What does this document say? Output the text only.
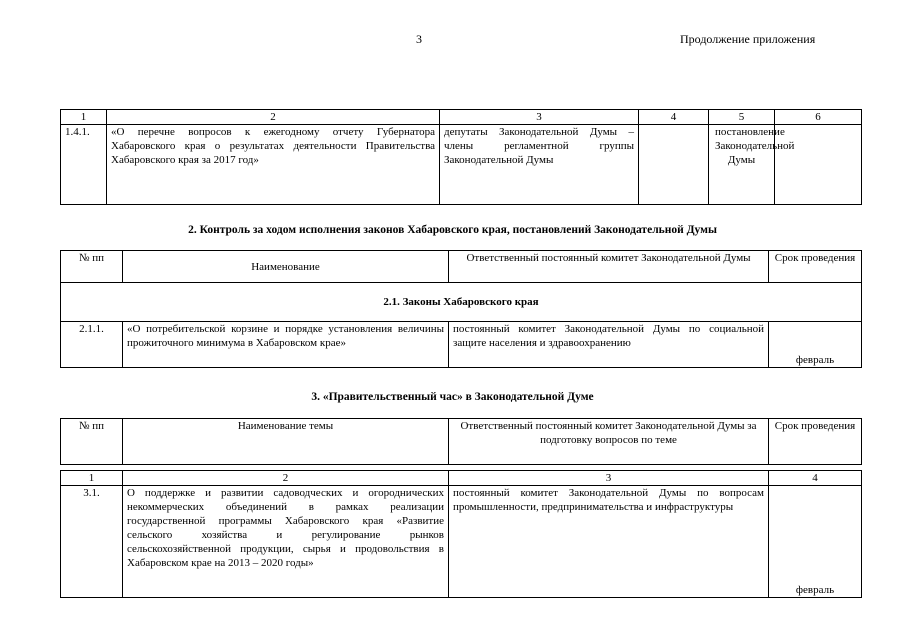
3	Продолжение приложения
1	2	3	4	5	6
1.4.1.	«О перечне вопросов к ежегодному отчету Губернатора Хабаровского края о результатах деятельности Правительства Хабаровского края за 2017 год»	депутаты Законодательной Думы – члены регламентной группы Законодательной Думы		постановление Законодательной Думы	
2. Контроль за ходом исполнения законов Хабаровского края, постановлений Законодательной Думы
№ пп	Наименование	Ответственный постоянный комитет Законодательной Думы	Срок проведения
2.1. Законы Хабаровского края			
2.1.1.	«О потребительской корзине и порядке установления величины прожиточного минимума в Хабаровском крае»	постоянный комитет Законодательной Думы по социальной защите населения и здравоохранению	февраль
3. «Правительственный час» в Законодательной Думе
№ пп	Наименование темы	Ответственный постоянный комитет Законодательной Думы за подготовку вопросов по теме	Срок проведения
1	2	3	4
3.1.	О поддержке и развитии садоводческих и огороднических некоммерческих объединений в рамках реализации государственной программы Хабаровского края «Развитие сельского хозяйства и регулирование рынков сельскохозяйственной продукции, сырья и продовольствия в Хабаровском крае на 2013 – 2020 годы»	постоянный комитет Законодательной Думы по вопросам промышленности, предпринимательства и инфраструктуры	февраль
